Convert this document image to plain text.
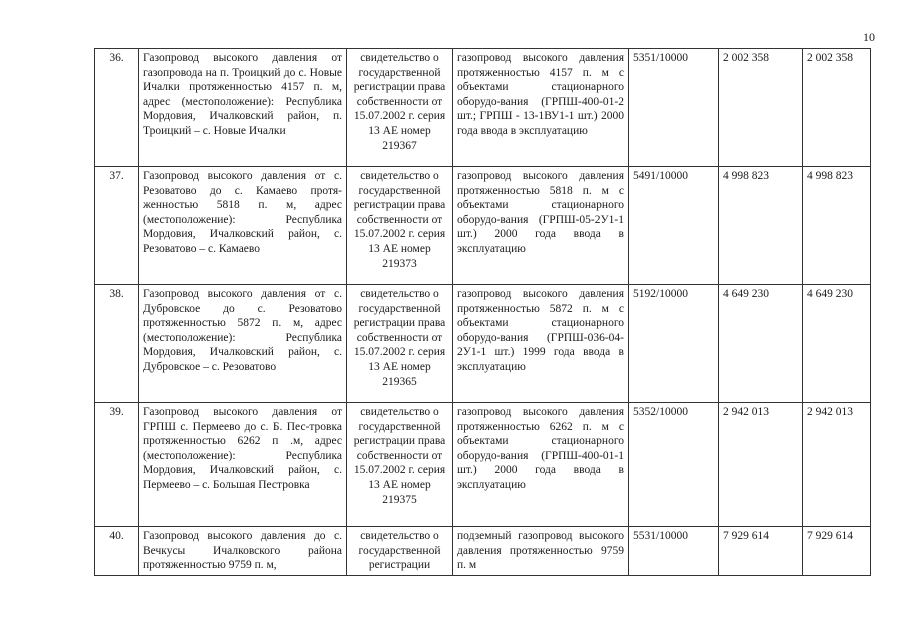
10
36.	Газопровод высокого давления от газопровода на п. Троицкий до с. Новые Ичалки протяженностью 4157 п. м, адрес (местоположение): Республика Мордовия, Ичалковский район, п. Троицкий – с. Новые Ичалки	свидетельство о государственной регистрации права собственности от 15.07.2002 г. серия 13 АЕ номер 219367	газопровод высокого давления протяженностью 4157 п. м с объектами стационарного оборудо-вания (ГРПШ-400-01-2 шт.; ГРПШ - 13-1ВУ1-1 шт.) 2000 года ввода в эксплуатацию	5351/10000	2 002 358	2 002 358
37.	Газопровод высокого давления от с. Резоватово до с. Камаево протя-женностью 5818 п. м, адрес (местоположение): Республика Мордовия, Ичалковский район, с. Резоватово – с. Камаево	свидетельство о государственной регистрации права собственности от 15.07.2002 г. серия 13 АЕ номер 219373	газопровод высокого давления протяженностью 5818 п. м с объектами стационарного оборудо-вания (ГРПШ-05-2У1-1 шт.) 2000 года ввода в эксплуатацию	5491/10000	4 998 823	4 998 823
38.	Газопровод высокого давления от с. Дубровское до с. Резоватово протяженностью 5872 п. м, адрес (местоположение): Республика Мордовия, Ичалковский район, с. Дубровское – с. Резоватово	свидетельство о государственной регистрации права собственности от 15.07.2002 г. серия 13 АЕ номер 219365	газопровод высокого давления протяженностью 5872 п. м с объектами стационарного оборудо-вания (ГРПШ-036-04-2У1-1 шт.) 1999 года ввода в эксплуатацию	5192/10000	4 649 230	4 649 230
39.	Газопровод высокого давления от ГРПШ с. Пермеево до с. Б. Пес-тровка протяженностью 6262 п .м, адрес (местоположение): Республика Мордовия, Ичалковский район, с. Пермеево – с. Большая Пестровка	свидетельство о государственной регистрации права собственности от 15.07.2002 г. серия 13 АЕ номер 219375	газопровод высокого давления протяженностью 6262 п. м с объектами стационарного оборудо-вания (ГРПШ-400-01-1 шт.) 2000 года ввода в эксплуатацию	5352/10000	2 942 013	2 942 013
40.	Газопровод высокого давления до с. Вечкусы Ичалковского района протяженностью 9759 п. м,	свидетельство о государственной регистрации	подземный газопровод высокого давления протяженностью 9759 п. м	5531/10000	7 929 614	7 929 614
